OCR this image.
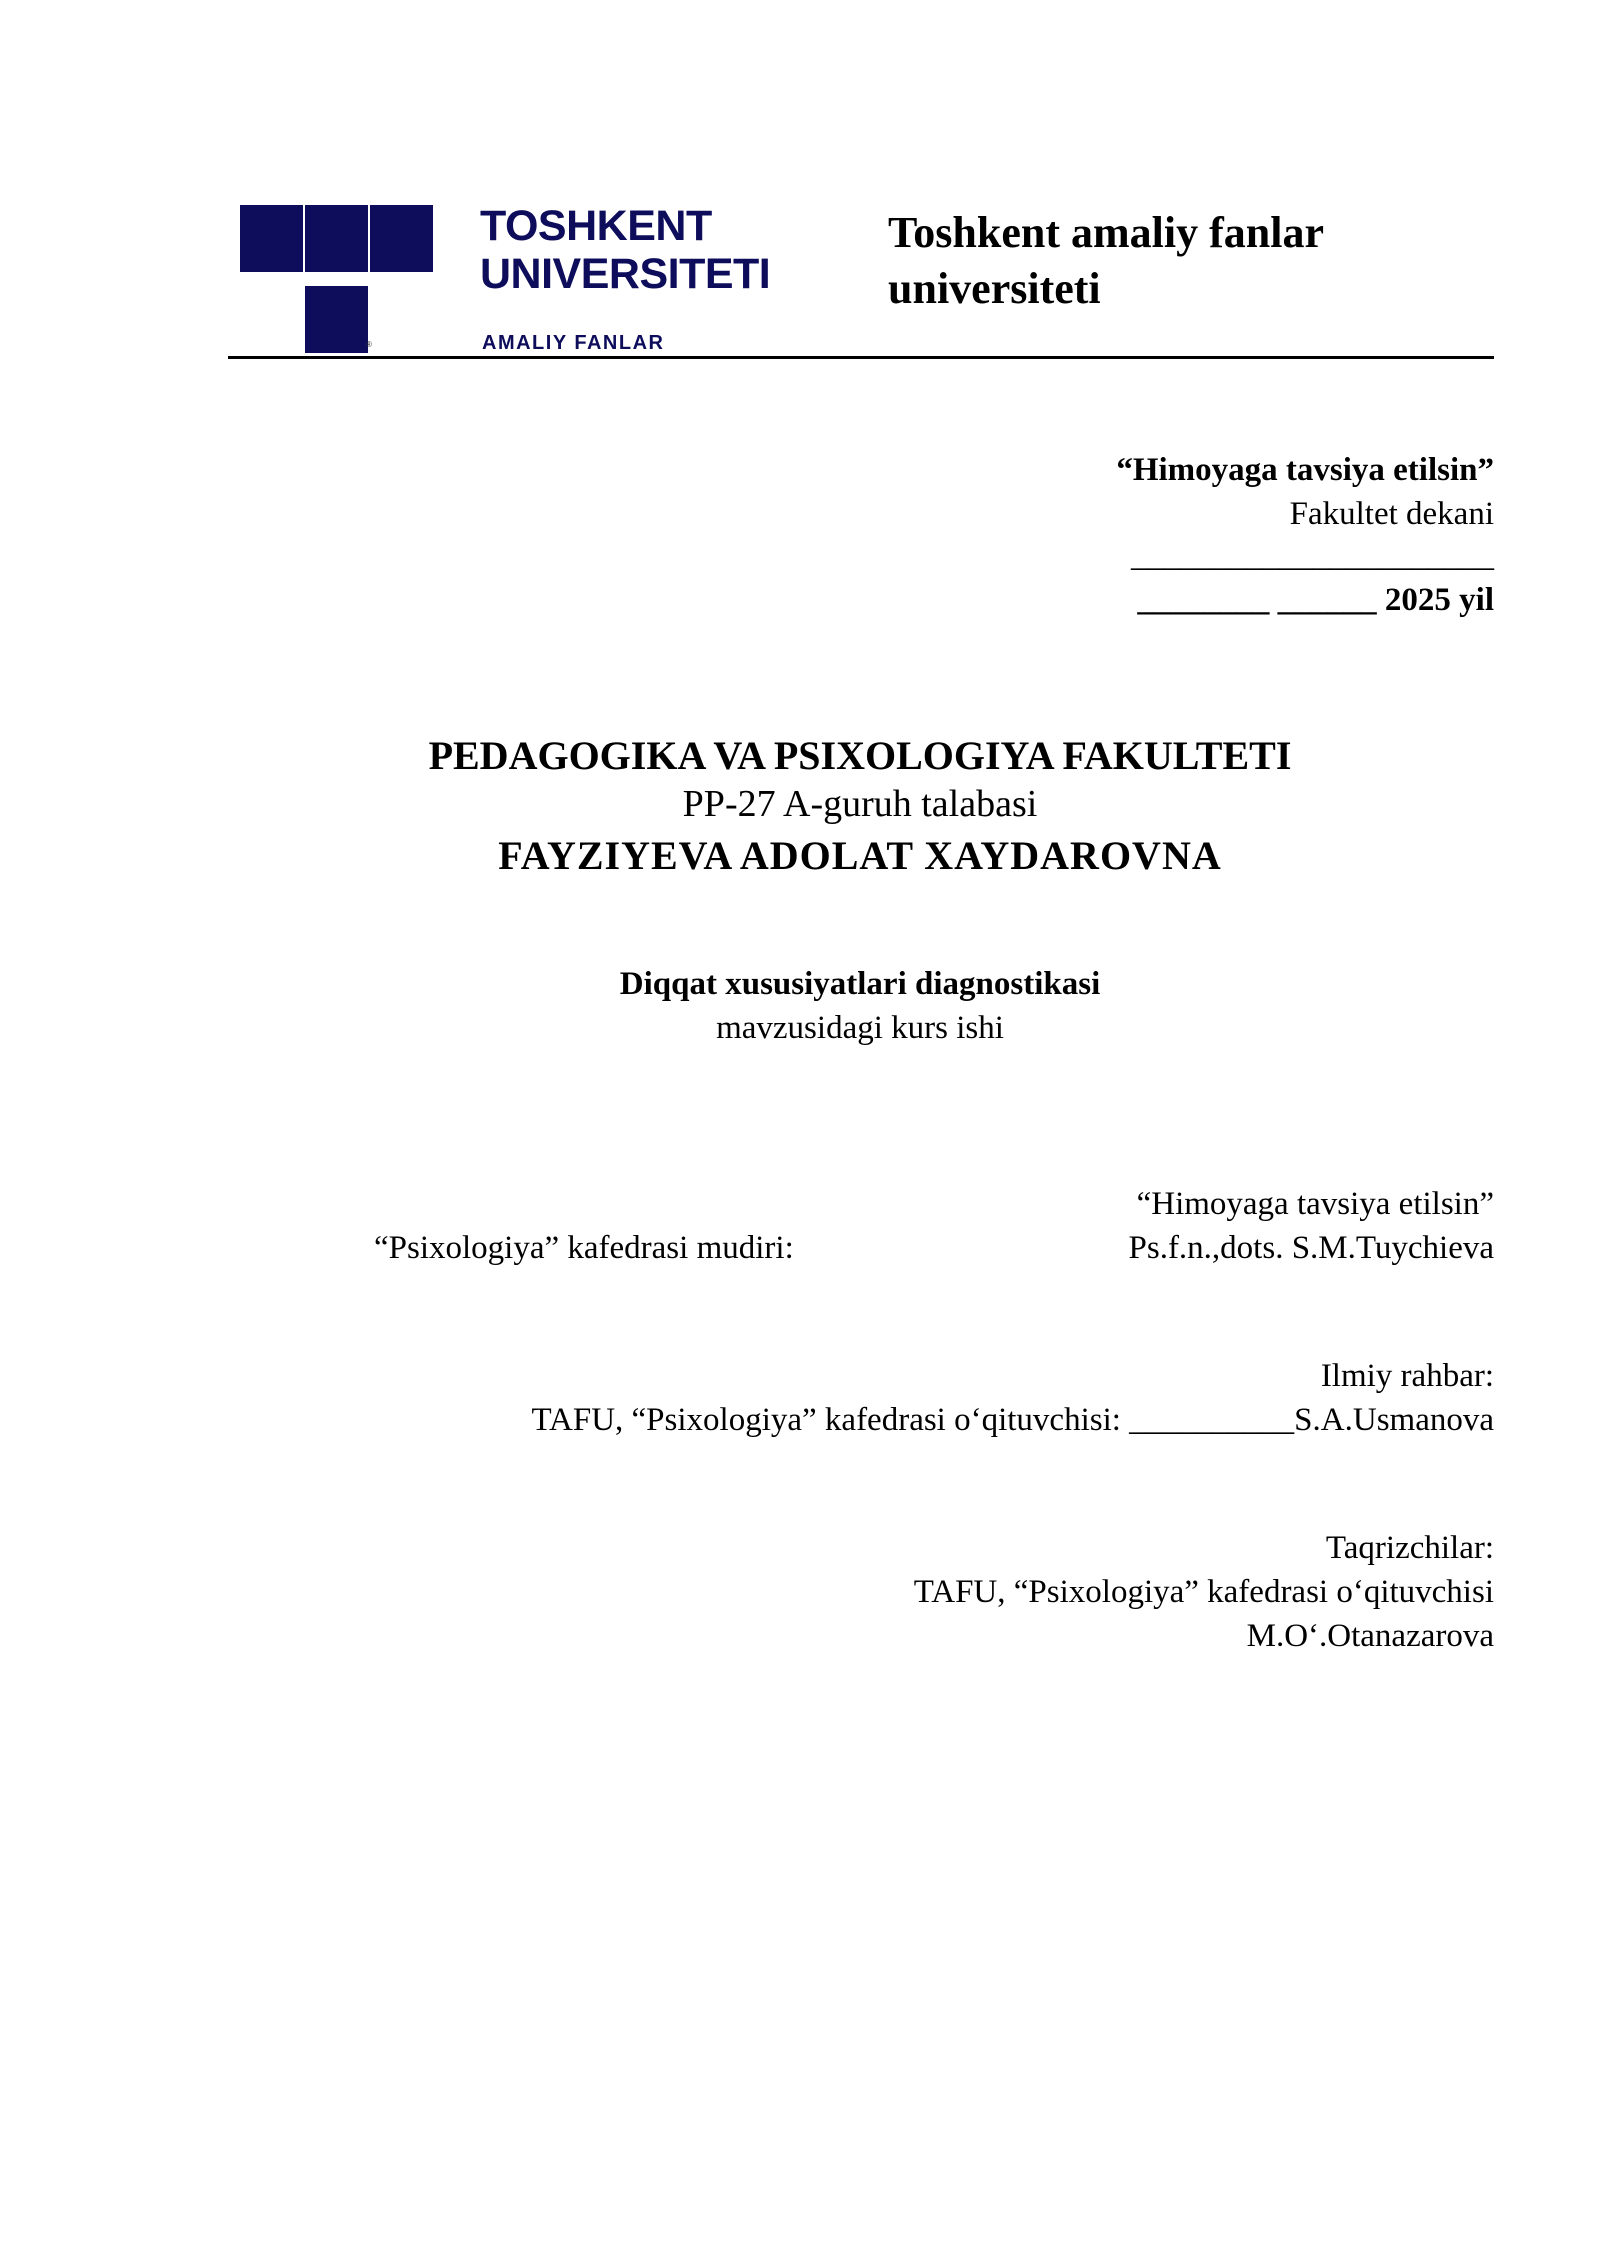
®
TOSHKENT
UNIVERSITETI
AMALIY FANLAR
Toshkent amaliy fanlar
universiteti
“Himoyaga tavsiya etilsin”
Fakultet dekani
______________________
________ ______ 2025 yil
PEDAGOGIKA VA PSIXOLOGIYA FAKULTETI
PP-27 A-guruh talabasi
FAYZIYEVA ADOLAT XAYDAROVNA
Diqqat xususiyatlari diagnostikasi
mavzusidagi kurs ishi
“Himoyaga tavsiya etilsin”
“Psixologiya” kafedrasi mudiri:	Ps.f.n.,dots. S.M.Tuychieva
Ilmiy rahbar:
TAFU, “Psixologiya” kafedrasi o‘qituvchisi: __________S.A.Usmanova
Taqrizchilar:
TAFU, “Psixologiya” kafedrasi o‘qituvchisi
M.O‘.Otanazarova
